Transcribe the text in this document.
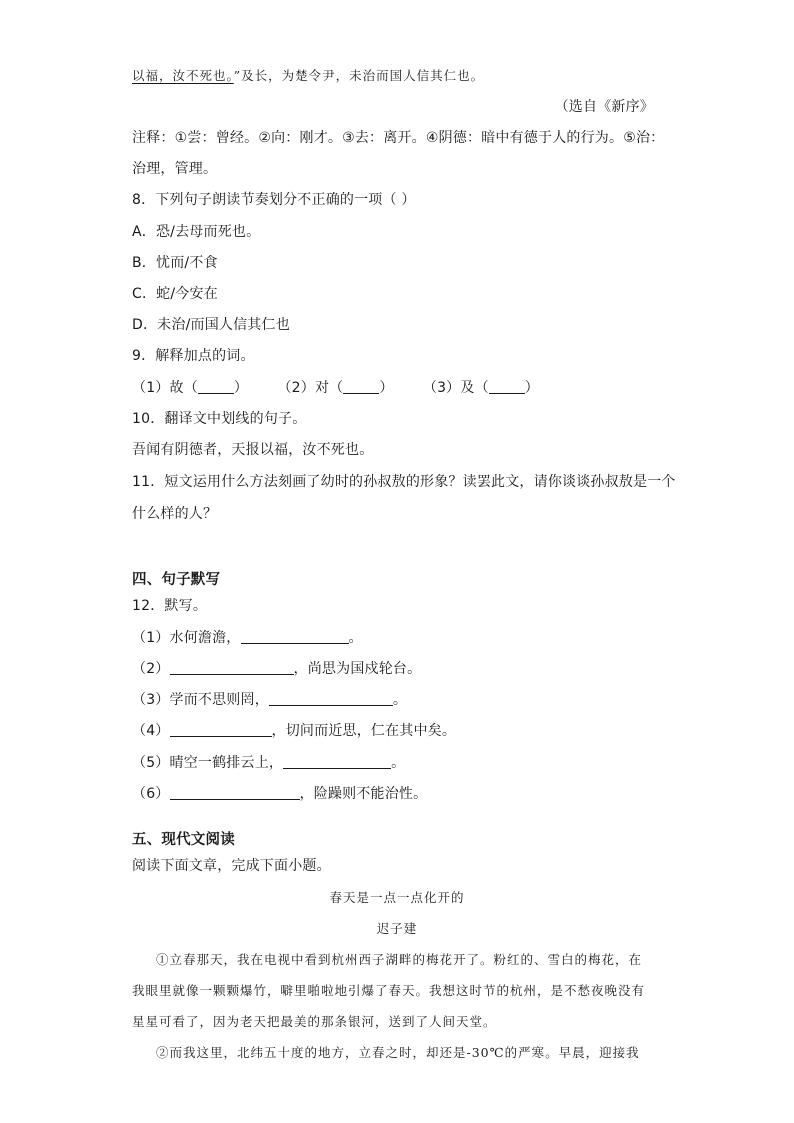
以福，汝不死也。”及长，为楚令尹，未治而国人信其仁也。
（选自《新序》
注释：①尝：曾经。②向：刚才。③去：离开。④阴德：暗中有德于人的行为。⑤治：
治理，管理。
8．下列句子朗读节奏划分不正确的一项（ ）
A．恐/去母而死也。
B．忧而/不食
C．蛇/今安在
D．未治/而国人信其仁也
9．解释加点的词。
（1）故（	） （2）对（	） （3）及（	）
10．翻译文中划线的句子。
吾闻有阴德者，天报以福，汝不死也。
11．短文运用什么方法刻画了幼时的孙叔敖的形象？读罢此文，请你谈谈孙叔敖是一个
什么样的人？
四、句子默写
12．默写。
（1）水何澹澹，	。
（2）	，尚思为国戍轮台。
（3）学而不思则罔，	。
（4）	，切问而近思，仁在其中矣。
（5）晴空一鹤排云上，	。
（6）	，险躁则不能治性。
五、现代文阅读
阅读下面文章，完成下面小题。
春天是一点一点化开的
迟子建
①立春那天，我在电视中看到杭州西子湖畔的梅花开了。粉红的、雪白的梅花，在
我眼里就像一颗颗爆竹，噼里啪啦地引爆了春天。我想这时节的杭州，是不愁夜晚没有
星星可看了，因为老天把最美的那条银河，送到了人间天堂。
②而我这里，北纬五十度的地方，立春之时，却还是-30℃的严寒。早晨，迎接我
